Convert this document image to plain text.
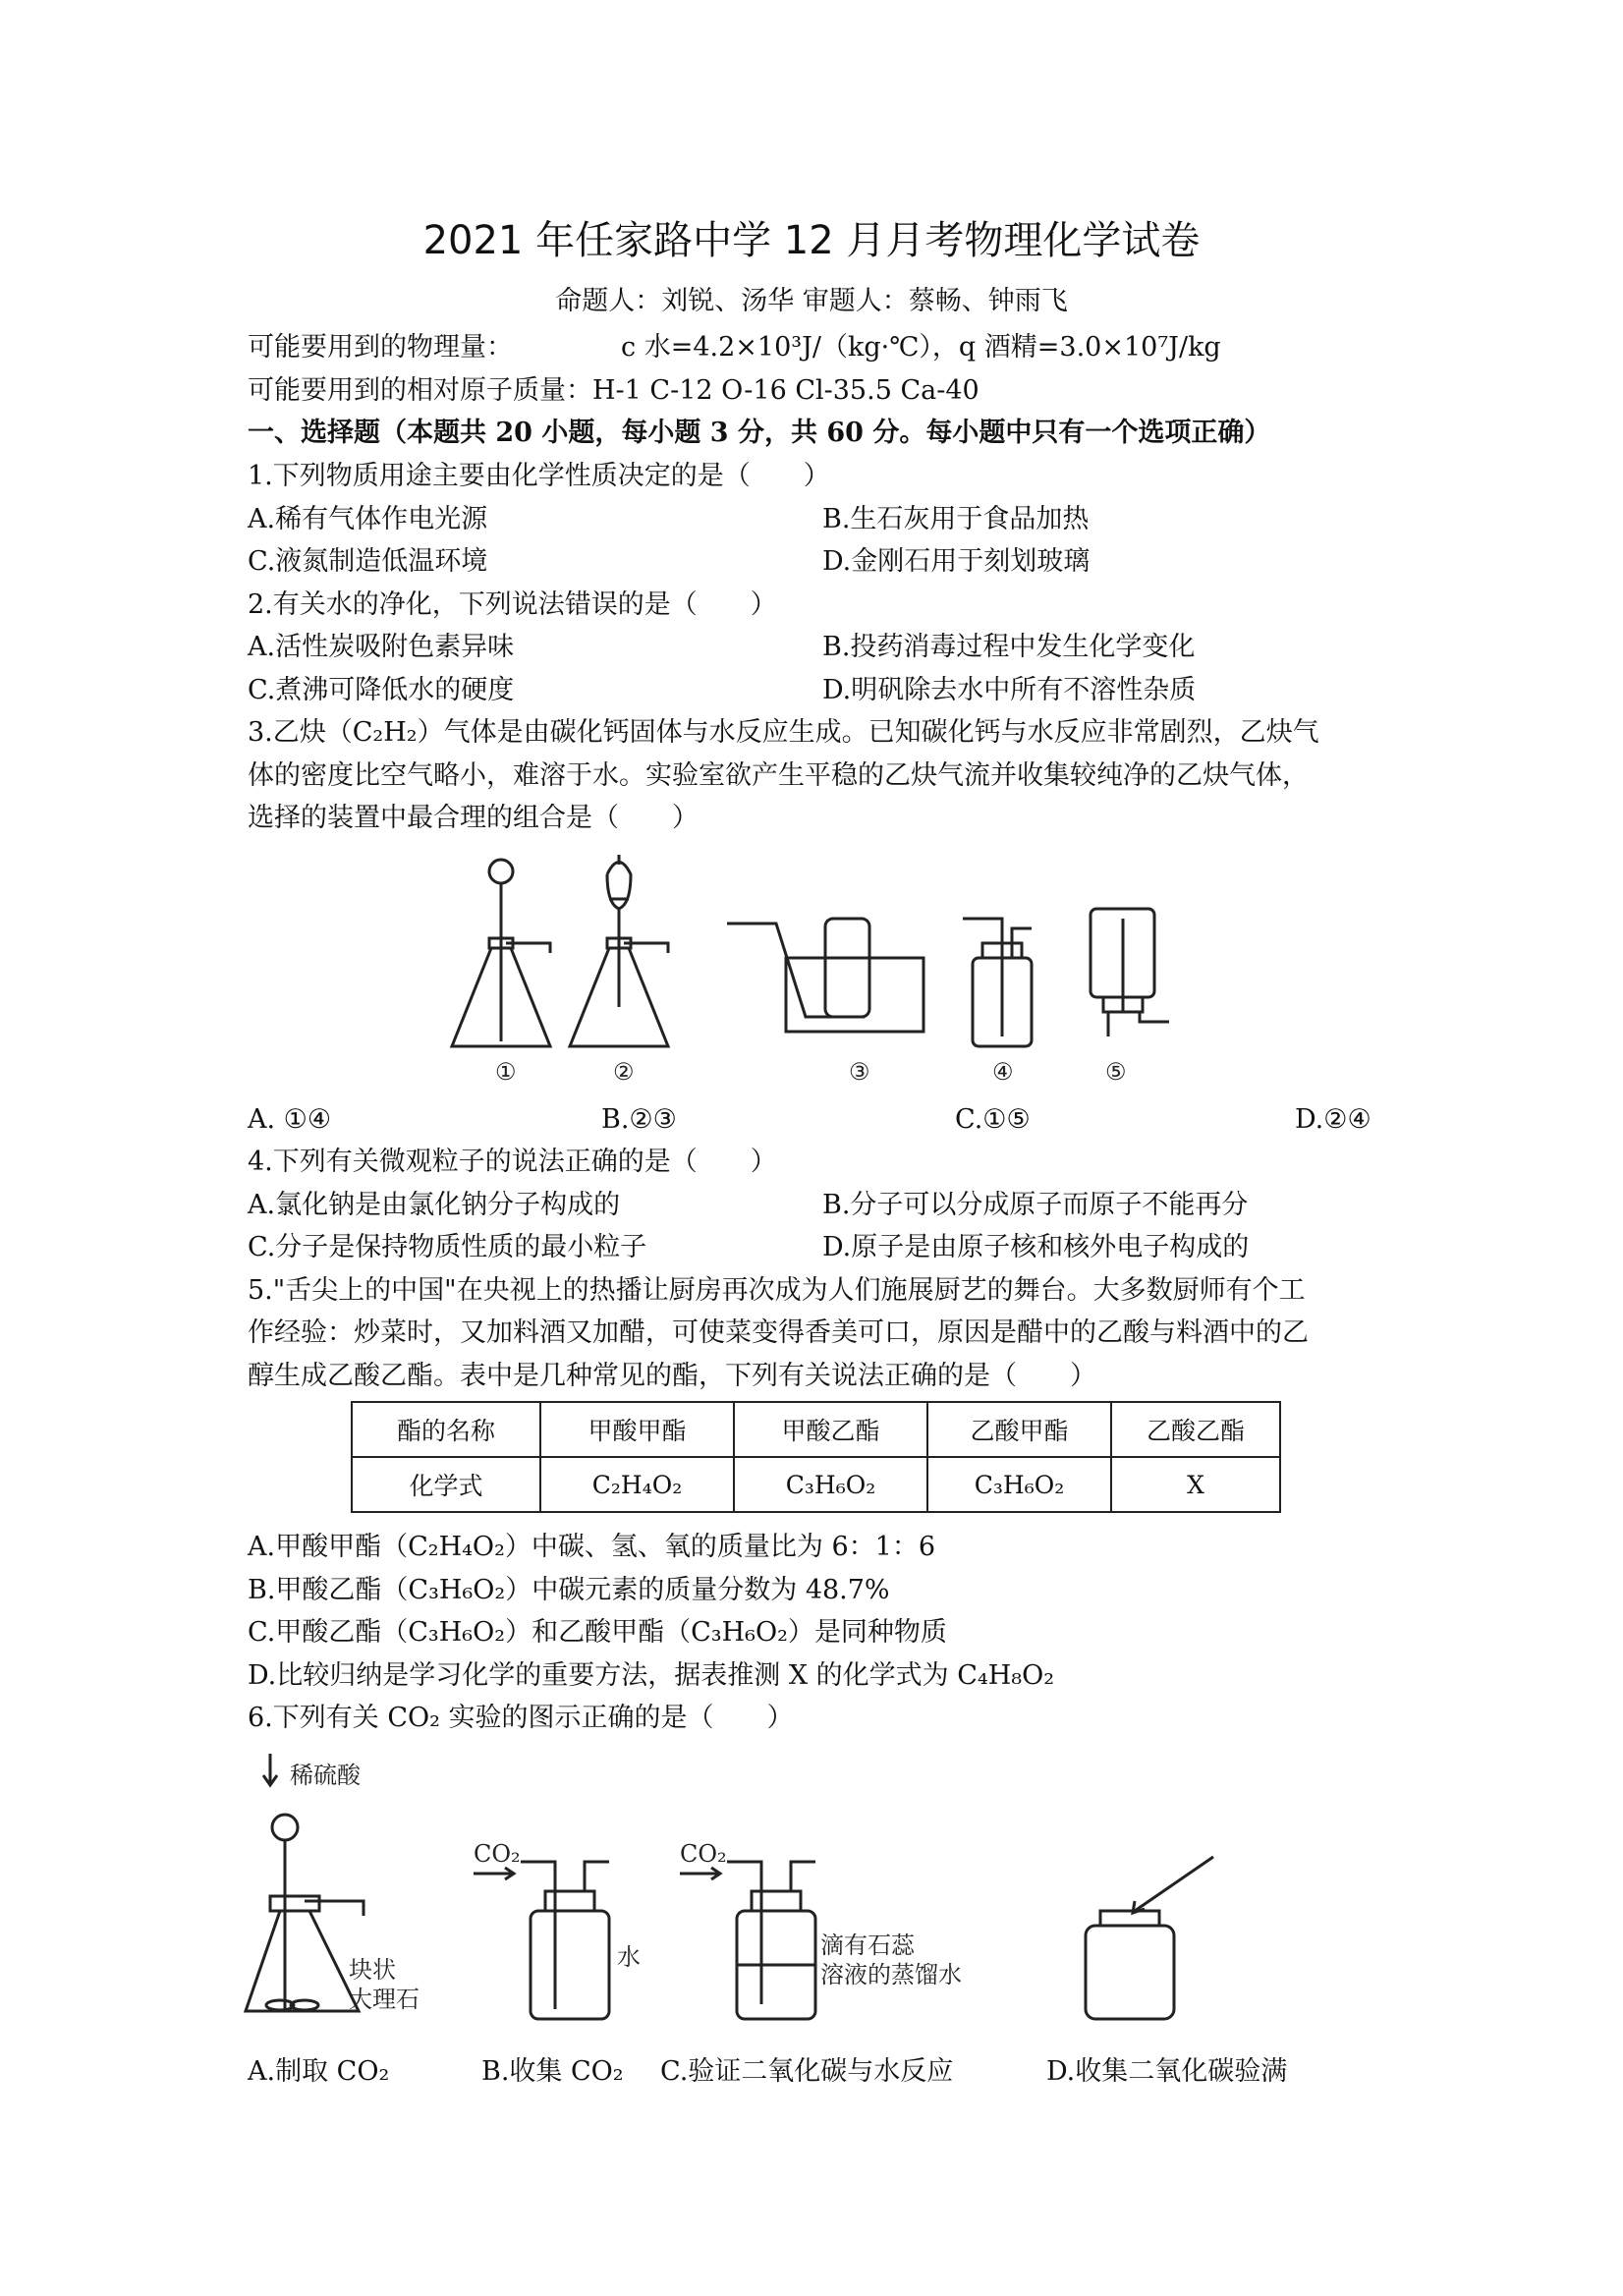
2021 年任家路中学 12 月月考物理化学试卷
命题人：刘锐、汤华 审题人：蔡畅、钟雨飞
可能要用到的物理量：	c 水=4.2×10³J/（kg·℃），q 酒精=3.0×10⁷J/kg
可能要用到的相对原子质量：H-1 C-12 O-16 Cl-35.5 Ca-40
一、选择题（本题共 20 小题，每小题 3 分，共 60 分。每小题中只有一个选项正确）
1.下列物质用途主要由化学性质决定的是（　　）
A.稀有气体作电光源	B.生石灰用于食品加热
C.液氮制造低温环境	D.金刚石用于刻划玻璃
2.有关水的净化，下列说法错误的是（　　）
A.活性炭吸附色素异味	B.投药消毒过程中发生化学变化
C.煮沸可降低水的硬度	D.明矾除去水中所有不溶性杂质
3.乙炔（C₂H₂）气体是由碳化钙固体与水反应生成。已知碳化钙与水反应非常剧烈，乙炔气
体的密度比空气略小，难溶于水。实验室欲产生平稳的乙炔气流并收集较纯净的乙炔气体，
选择的装置中最合理的组合是（　　）
①	②	③	④	⑤
A. ①④	B.②③	C.①⑤	D.②④
4.下列有关微观粒子的说法正确的是（　　）
A.氯化钠是由氯化钠分子构成的	B.分子可以分成原子而原子不能再分
C.分子是保持物质性质的最小粒子	D.原子是由原子核和核外电子构成的
5."舌尖上的中国"在央视上的热播让厨房再次成为人们施展厨艺的舞台。大多数厨师有个工
作经验：炒菜时，又加料酒又加醋，可使菜变得香美可口，原因是醋中的乙酸与料酒中的乙
醇生成乙酸乙酯。表中是几种常见的酯，下列有关说法正确的是（　　）
酯的名称	甲酸甲酯	甲酸乙酯	乙酸甲酯	乙酸乙酯
化学式	C₂H₄O₂	C₃H₆O₂	C₃H₆O₂	X
A.甲酸甲酯（C₂H₄O₂）中碳、氢、氧的质量比为 6：1：6
B.甲酸乙酯（C₃H₆O₂）中碳元素的质量分数为 48.7%
C.甲酸乙酯（C₃H₆O₂）和乙酸甲酯（C₃H₆O₂）是同种物质
D.比较归纳是学习化学的重要方法，据表推测 X 的化学式为 C₄H₈O₂
6.下列有关 CO₂ 实验的图示正确的是（　　）
稀硫酸
块状
大理石
CO₂
水
CO₂
滴有石蕊
溶液的蒸馏水
A.制取 CO₂	B.收集 CO₂ C.验证二氧化碳与水反应	D.收集二氧化碳验满
